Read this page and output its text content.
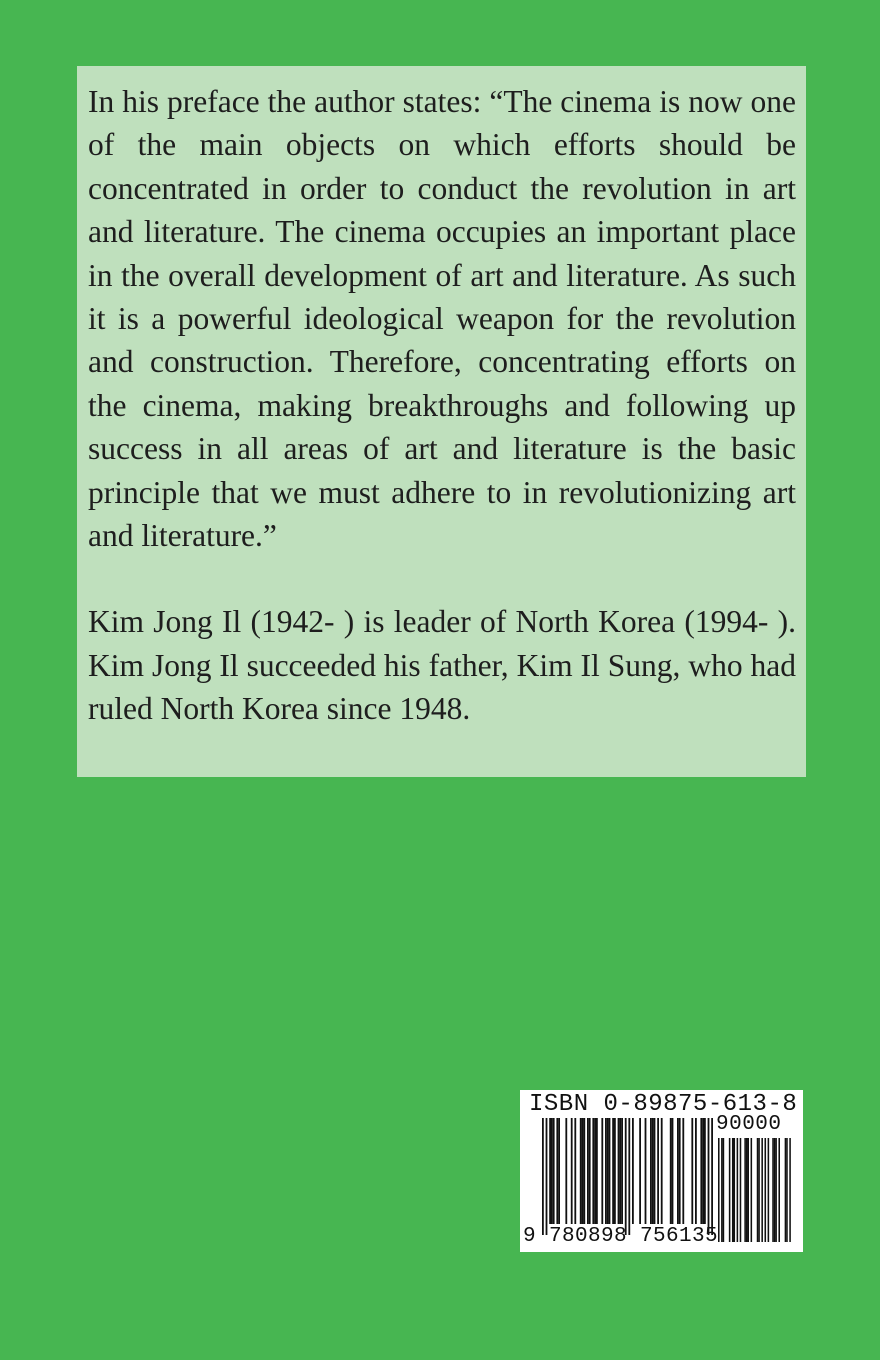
In his preface the author states: “The cinema is now one of the main objects on which efforts should be concentrated in order to conduct the revolution in art and literature. The cinema occupies an important place in the overall development of art and literature. As such it is a powerful ideological weapon for the revolution and construction. Therefore, concentrating efforts on the cinema, making breakthroughs and following up success in all areas of art and literature is the basic principle that we must adhere to in revolutionizing art and literature.”

Kim Jong Il (1942- ) is leader of North Korea (1994- ). Kim Jong Il succeeded his father, Kim Il Sung, who had ruled North Korea since 1948.

ISBN 0-89875-613-8
90000
9 780898 756135
